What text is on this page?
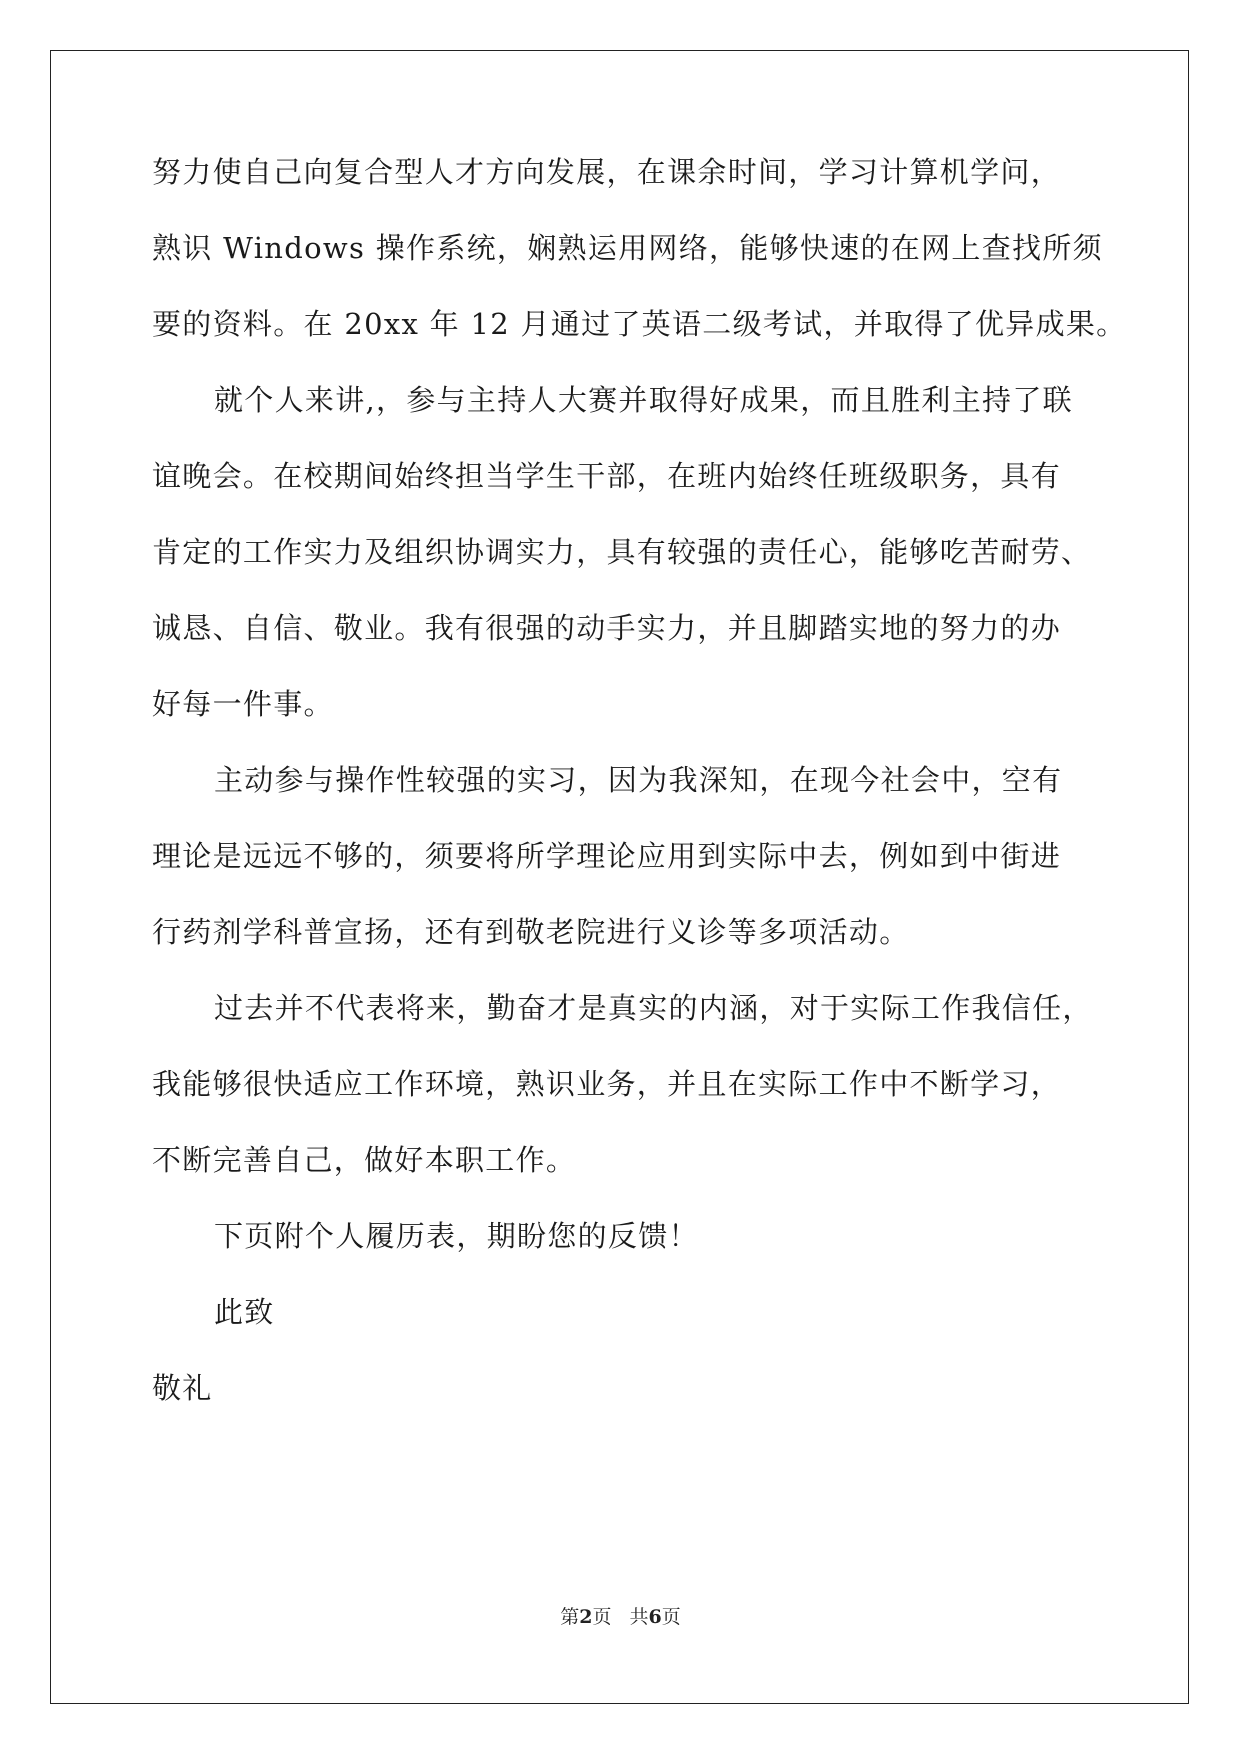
努力使自己向复合型人才方向发展，在课余时间，学习计算机学问，
熟识 Windows 操作系统，娴熟运用网络，能够快速的在网上查找所须
要的资料。在 20xx 年 12 月通过了英语二级考试，并取得了优异成果。
就个人来讲,，参与主持人大赛并取得好成果，而且胜利主持了联
谊晚会。在校期间始终担当学生干部，在班内始终任班级职务，具有
肯定的工作实力及组织协调实力，具有较强的责任心，能够吃苦耐劳、
诚恳、自信、敬业。我有很强的动手实力，并且脚踏实地的努力的办
好每一件事。
主动参与操作性较强的实习，因为我深知，在现今社会中，空有
理论是远远不够的，须要将所学理论应用到实际中去，例如到中街进
行药剂学科普宣扬，还有到敬老院进行义诊等多项活动。
过去并不代表将来，勤奋才是真实的内涵，对于实际工作我信任，
我能够很快适应工作环境，熟识业务，并且在实际工作中不断学习，
不断完善自己，做好本职工作。
下页附个人履历表，期盼您的反馈！
此致
敬礼
第2页 共6页
